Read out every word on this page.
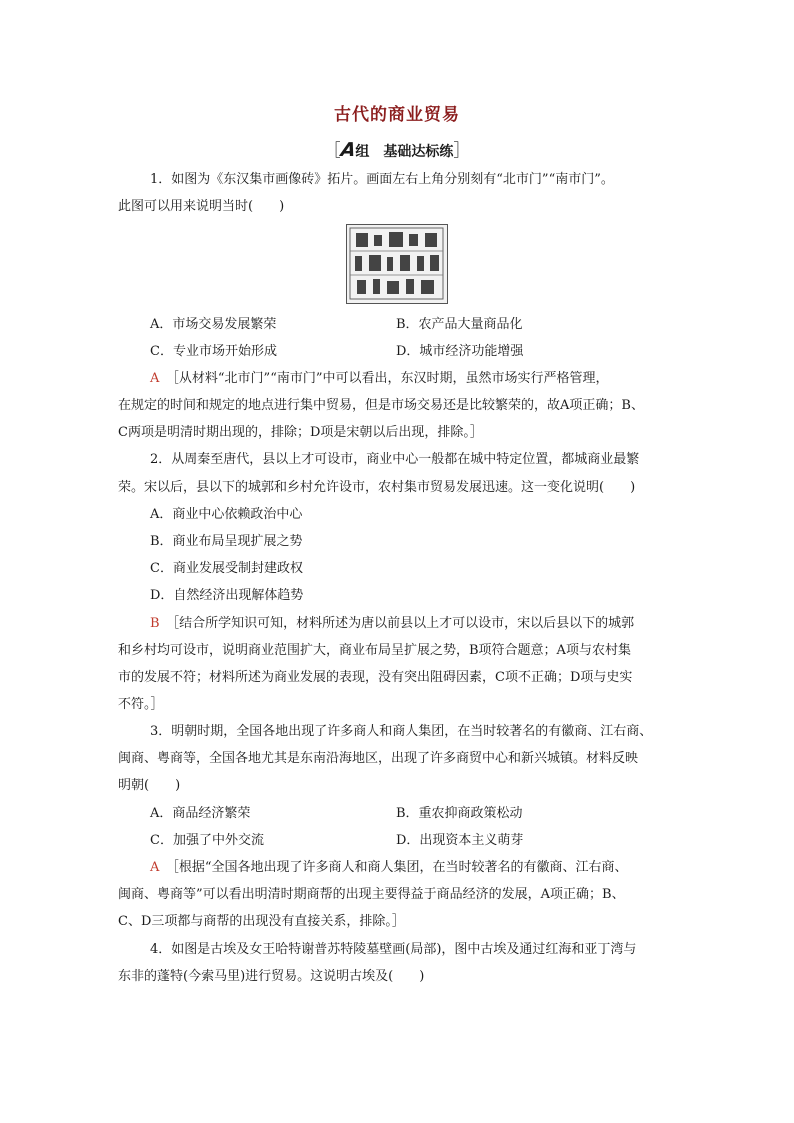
古代的商业贸易
［A组　基础达标练］
1．如图为《东汉集市画像砖》拓片。画面左右上角分别刻有“北市门”“南市门”。
此图可以用来说明当时(　　)
A．市场交易发展繁荣	B．农产品大量商品化
C．专业市场开始形成	D．城市经济功能增强
A　 ［从材料“北市门”“南市门”中可以看出，东汉时期，虽然市场实行严格管理，
在规定的时间和规定的地点进行集中贸易，但是市场交易还是比较繁荣的，故A项正确；B、
C两项是明清时期出现的，排除；D项是宋朝以后出现，排除。］
2．从周秦至唐代，县以上才可设市，商业中心一般都在城中特定位置，都城商业最繁
荣。宋以后，县以下的城郭和乡村允许设市，农村集市贸易发展迅速。这一变化说明(　　)
A．商业中心依赖政治中心
B．商业布局呈现扩展之势
C．商业发展受制封建政权
D．自然经济出现解体趋势
B　 ［结合所学知识可知，材料所述为唐以前县以上才可以设市，宋以后县以下的城郭
和乡村均可设市，说明商业范围扩大，商业布局呈扩展之势，B项符合题意；A项与农村集
市的发展不符；材料所述为商业发展的表现，没有突出阻碍因素，C项不正确；D项与史实
不符。］
3．明朝时期，全国各地出现了许多商人和商人集团，在当时较著名的有徽商、江右商、
闽商、粤商等，全国各地尤其是东南沿海地区，出现了许多商贸中心和新兴城镇。材料反映
明朝(　　)
A．商品经济繁荣	B．重农抑商政策松动
C．加强了中外交流	D．出现资本主义萌芽
A　 ［根据“全国各地出现了许多商人和商人集团，在当时较著名的有徽商、江右商、
闽商、粤商等”可以看出明清时期商帮的出现主要得益于商品经济的发展，A项正确；B、
C、D三项都与商帮的出现没有直接关系，排除。］
4．如图是古埃及女王哈特谢普苏特陵墓壁画(局部)，图中古埃及通过红海和亚丁湾与
东非的蓬特(今索马里)进行贸易。这说明古埃及(　　)
